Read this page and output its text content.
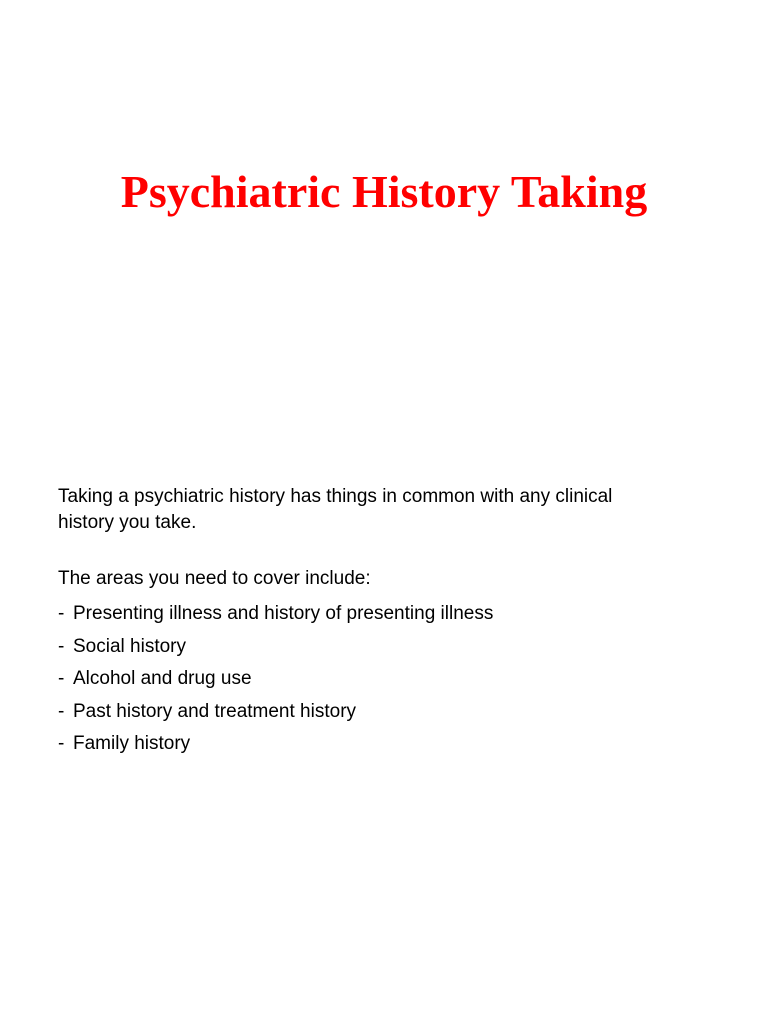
Psychiatric History Taking

Taking a psychiatric history has things in common with any clinical
history you take.

The areas you need to cover include:

- Presenting illness and history of presenting illness
- Social history
- Alcohol and drug use
- Past history and treatment history
- Family history
